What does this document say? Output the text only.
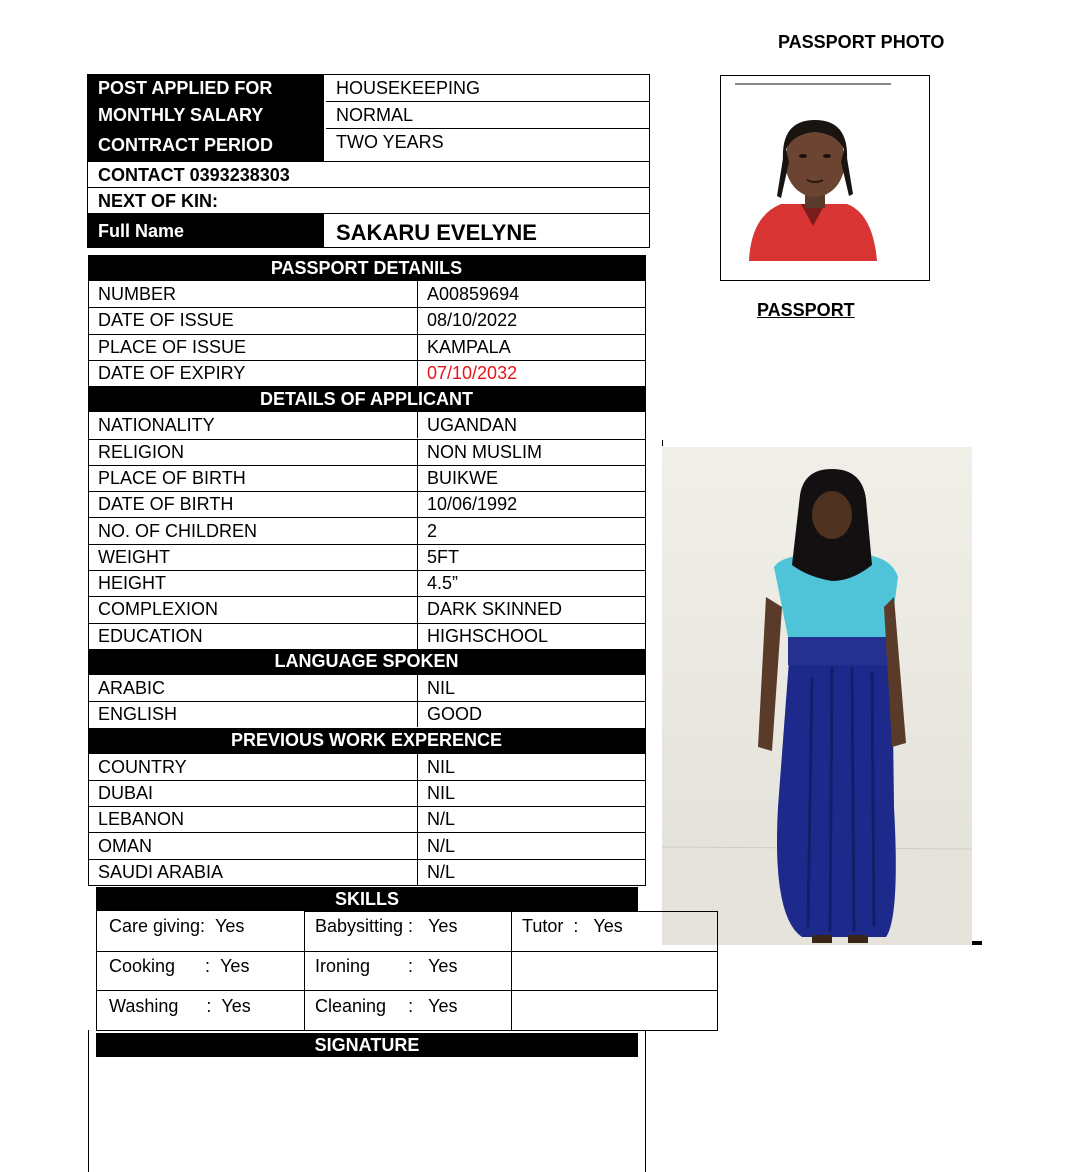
PASSPORT PHOTO
PASSPORT
POST APPLIED FOR	HOUSEKEEPING
MONTHLY SALARY	NORMAL
CONTRACT PERIOD	TWO YEARS
CONTACT 0393238303
NEXT OF KIN:
Full Name	SAKARU EVELYNE
PASSPORT DETANILS
NUMBER	A00859694
DATE OF ISSUE	08/10/2022
PLACE OF ISSUE	KAMPALA
DATE OF EXPIRY	07/10/2032
DETAILS OF APPLICANT
NATIONALITY	UGANDAN
RELIGION	NON MUSLIM
PLACE OF BIRTH	BUIKWE
DATE OF BIRTH	10/06/1992
NO. OF CHILDREN	2
WEIGHT	5FT
HEIGHT	4.5”
COMPLEXION	DARK SKINNED
EDUCATION	HIGHSCHOOL
LANGUAGE SPOKEN
ARABIC	NIL
ENGLISH	GOOD
PREVIOUS WORK EXPERENCE
COUNTRY	NIL
DUBAI	NIL
LEBANON	N/L
OMAN	N/L
SAUDI ARABIA	N/L
SKILLS
Care giving: Yes	Babysitting : Yes	Tutor : Yes
Cooking : Yes	Ironing : Yes
Washing : Yes	Cleaning : Yes
SIGNATURE
